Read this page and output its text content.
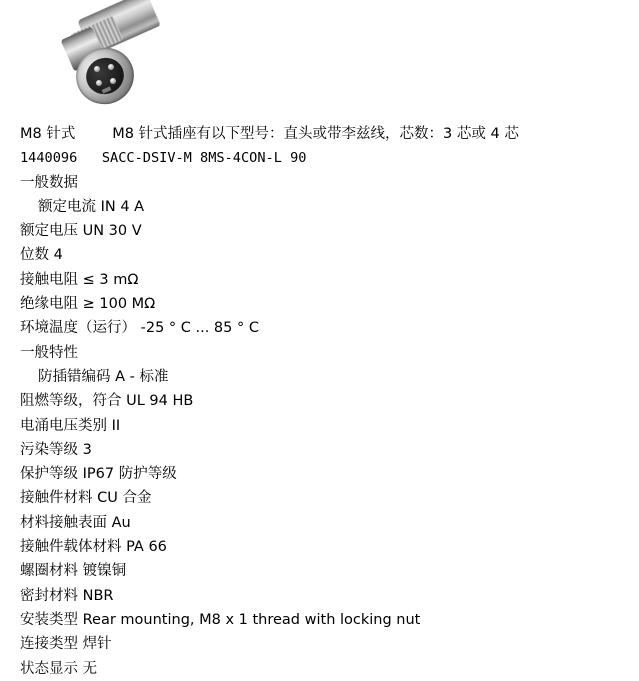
M8 针式        M8 针式插座有以下型号：直头或带李兹线，芯数：3 芯或 4 芯
1440096   SACC-DSIV-M 8MS-4CON-L 90
一般数据
额定电流 IN 4 A
额定电压 UN 30 V
位数 4
接触电阻 ≤ 3 mΩ
绝缘电阻 ≥ 100 MΩ
环境温度（运行） -25 ° C ... 85 ° C
一般特性
防插错编码 A - 标准
阻燃等级，符合 UL 94 HB
电涌电压类别 II
污染等级 3
保护等级 IP67 防护等级
接触件材料 CU 合金
材料接触表面 Au
接触件载体材料 PA 66
螺圈材料 镀镍铜
密封材料 NBR
安装类型 Rear mounting, M8 x 1 thread with locking nut
连接类型 焊针
状态显示 无
